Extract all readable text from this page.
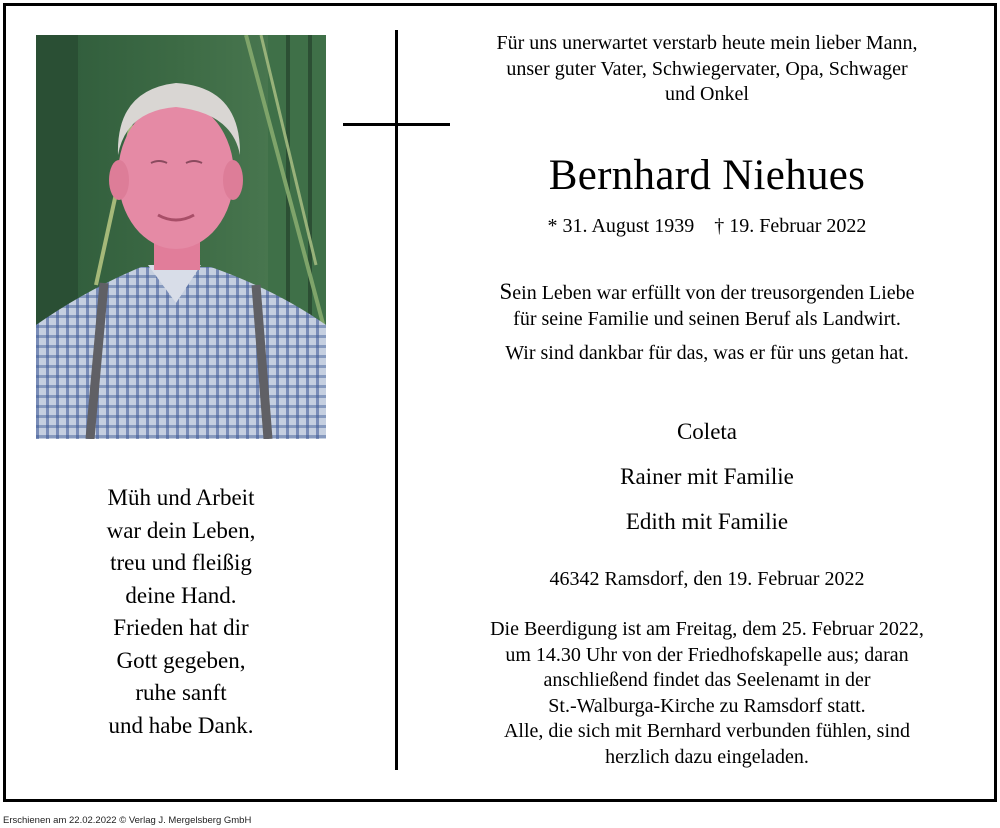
Müh und Arbeit
war dein Leben,
treu und fleißig
deine Hand.
Frieden hat dir
Gott gegeben,
ruhe sanft
und habe Dank.
Für uns unerwartet verstarb heute mein lieber Mann,
unser guter Vater, Schwiegervater, Opa, Schwager
und Onkel
Bernhard Niehues
* 31. August 1939 † 19. Februar 2022
Sein Leben war erfüllt von der treusorgenden Liebe
für seine Familie und seinen Beruf als Landwirt.
Wir sind dankbar für das, was er für uns getan hat.
Coleta
Rainer mit Familie
Edith mit Familie
46342 Ramsdorf, den 19. Februar 2022
Die Beerdigung ist am Freitag, dem 25. Februar 2022,
um 14.30 Uhr von der Friedhofskapelle aus; daran
anschließend findet das Seelenamt in der
St.-Walburga-Kirche zu Ramsdorf statt.
Alle, die sich mit Bernhard verbunden fühlen, sind
herzlich dazu eingeladen.
Erschienen am 22.02.2022 © Verlag J. Mergelsberg GmbH
